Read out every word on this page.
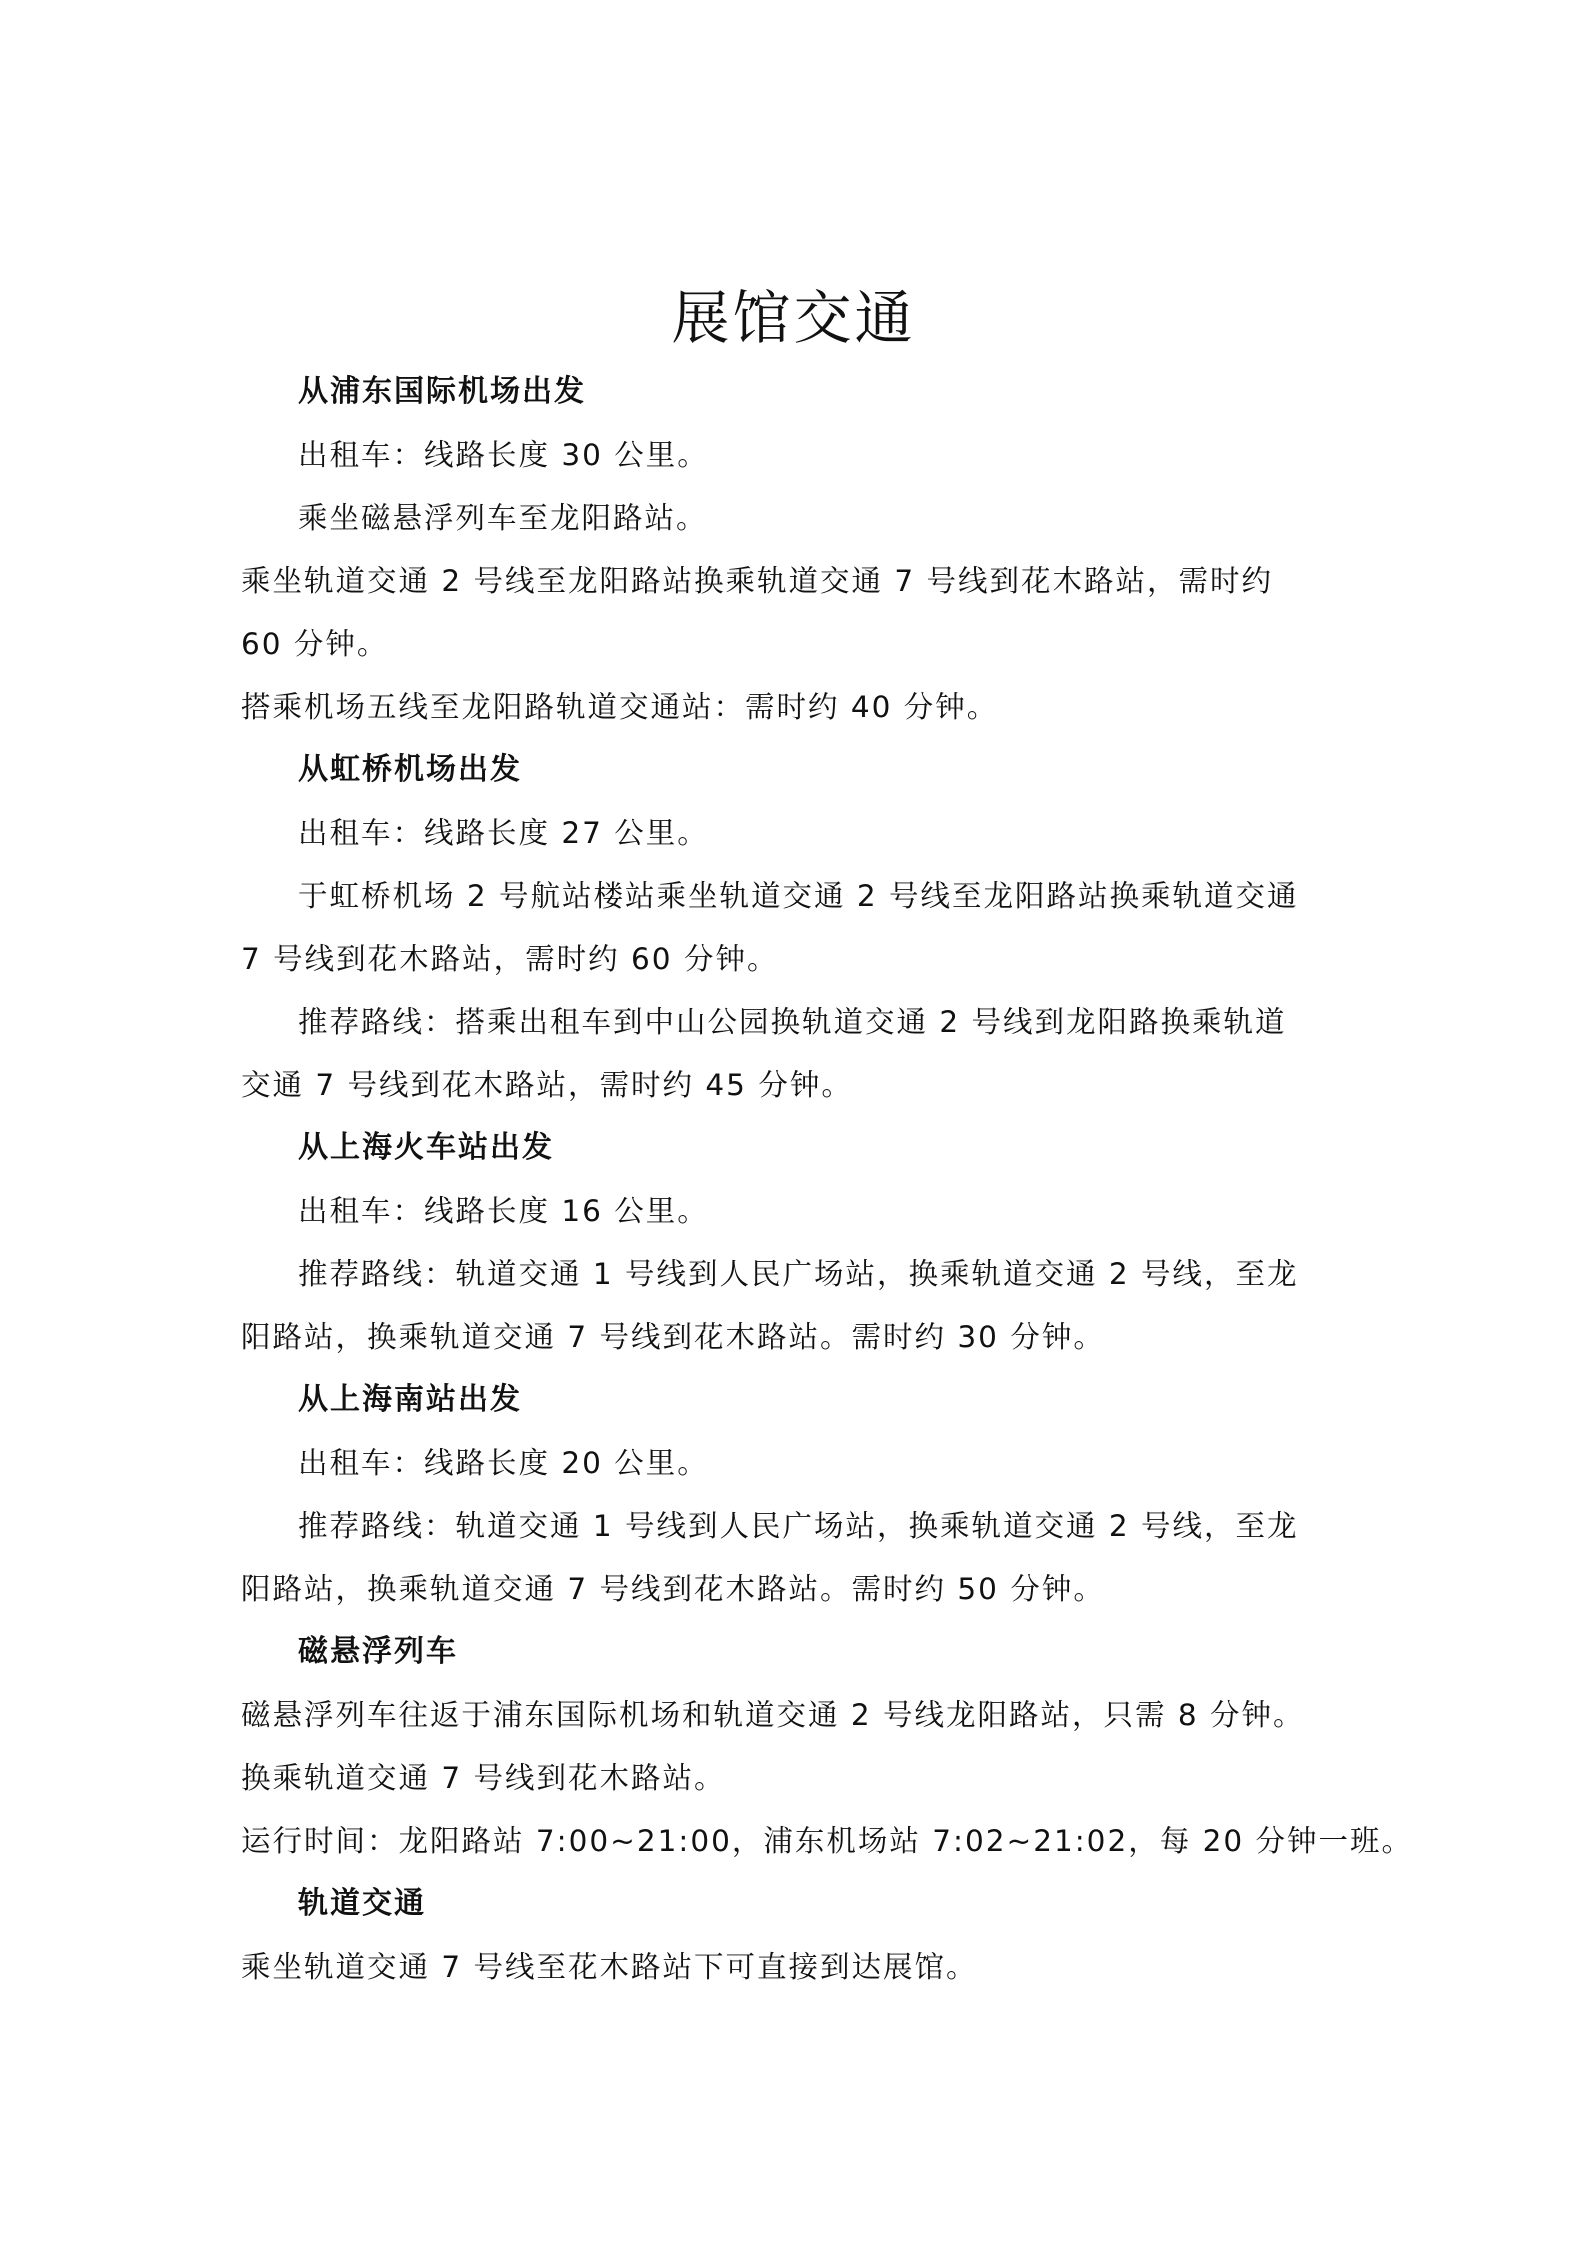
展馆交通
从浦东国际机场出发
出租车：线路长度 30 公里。
乘坐磁悬浮列车至龙阳路站。
乘坐轨道交通 2 号线至龙阳路站换乘轨道交通 7 号线到花木路站，需时约
60 分钟。
搭乘机场五线至龙阳路轨道交通站：需时约 40 分钟。
从虹桥机场出发
出租车：线路长度 27 公里。
于虹桥机场 2 号航站楼站乘坐轨道交通 2 号线至龙阳路站换乘轨道交通
7 号线到花木路站，需时约 60 分钟。
推荐路线：搭乘出租车到中山公园换轨道交通 2 号线到龙阳路换乘轨道
交通 7 号线到花木路站，需时约 45 分钟。
从上海火车站出发
出租车：线路长度 16 公里。
推荐路线：轨道交通 1 号线到人民广场站，换乘轨道交通 2 号线，至龙
阳路站，换乘轨道交通 7 号线到花木路站。需时约 30 分钟。
从上海南站出发
出租车：线路长度 20 公里。
推荐路线：轨道交通 1 号线到人民广场站，换乘轨道交通 2 号线，至龙
阳路站，换乘轨道交通 7 号线到花木路站。需时约 50 分钟。
磁悬浮列车
磁悬浮列车往返于浦东国际机场和轨道交通 2 号线龙阳路站，只需 8 分钟。
换乘轨道交通 7 号线到花木路站。
运行时间：龙阳路站 7:00~21:00，浦东机场站 7:02~21:02，每 20 分钟一班。
轨道交通
乘坐轨道交通 7 号线至花木路站下可直接到达展馆。
